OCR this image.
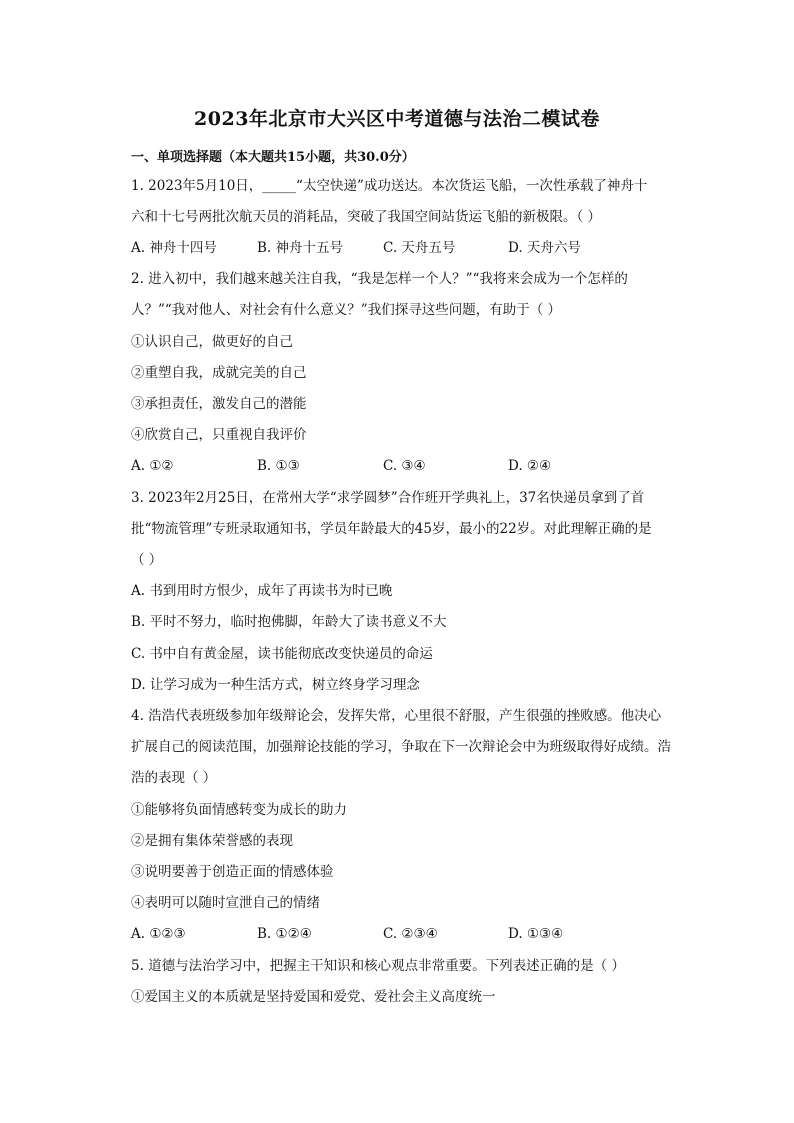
2023年北京市大兴区中考道德与法治二模试卷
一、单项选择题（本大题共15小题，共30.0分）
1. 2023年5月10日，_____“太空快递”成功送达。本次货运飞船，一次性承载了神舟十
六和十七号两批次航天员的消耗品，突破了我国空间站货运飞船的新极限。（ ）
A. 神舟十四号	B. 神舟十五号	C. 天舟五号	D. 天舟六号
2. 进入初中，我们越来越关注自我，“我是怎样一个人？”“我将来会成为一个怎样的
人？”“我对他人、对社会有什么意义？”我们探寻这些问题，有助于（ ）
①认识自己，做更好的自己
②重塑自我，成就完美的自己
③承担责任，激发自己的潜能
④欣赏自己，只重视自我评价
A. ①②	B. ①③	C. ③④	D. ②④
3. 2023年2月25日，在常州大学“求学圆梦”合作班开学典礼上，37名快递员拿到了首
批“物流管理”专班录取通知书，学员年龄最大的45岁，最小的22岁。对此理解正确的是
（ ）
A. 书到用时方恨少，成年了再读书为时已晚
B. 平时不努力，临时抱佛脚，年龄大了读书意义不大
C. 书中自有黄金屋，读书能彻底改变快递员的命运
D. 让学习成为一种生活方式，树立终身学习理念
4. 浩浩代表班级参加年级辩论会，发挥失常，心里很不舒服，产生很强的挫败感。他决心
扩展自己的阅读范围，加强辩论技能的学习，争取在下一次辩论会中为班级取得好成绩。浩
浩的表现（ ）
①能够将负面情感转变为成长的助力
②是拥有集体荣誉感的表现
③说明要善于创造正面的情感体验
④表明可以随时宣泄自己的情绪
A. ①②③	B. ①②④	C. ②③④	D. ①③④
5. 道德与法治学习中，把握主干知识和核心观点非常重要。下列表述正确的是（ ）
①爱国主义的本质就是坚持爱国和爱党、爱社会主义高度统一
